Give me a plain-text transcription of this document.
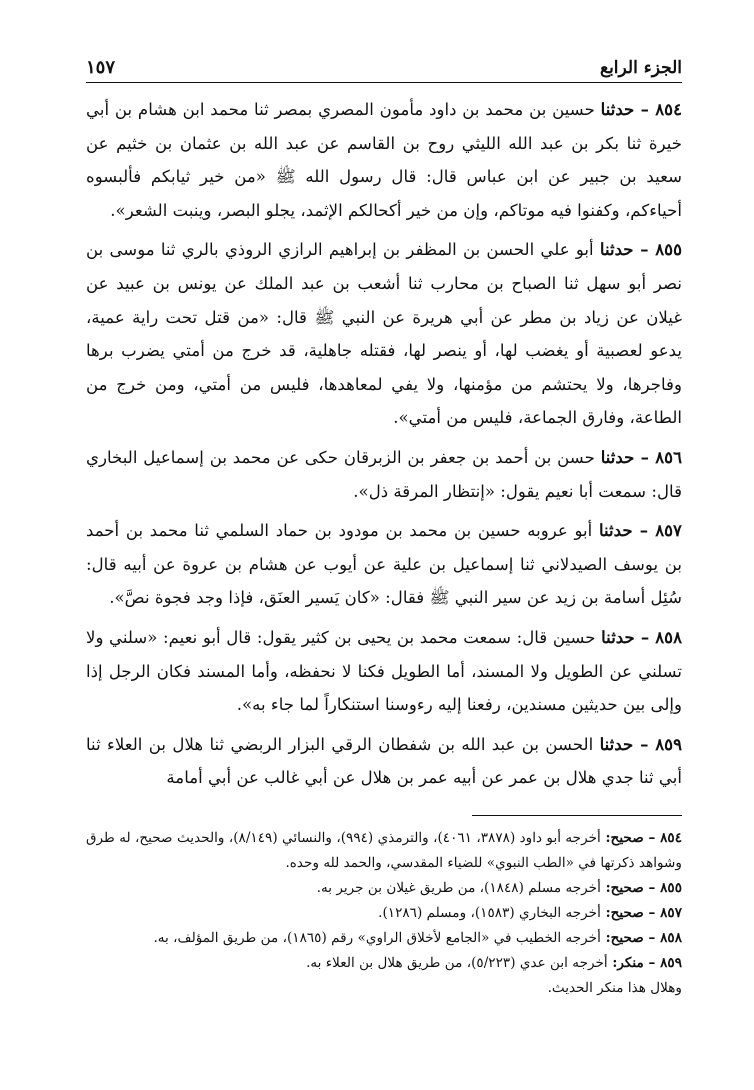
الجزء الرابع
١٥٧

٨٥٤ – حدثنا حسين بن محمد بن داود مأمون المصري بمصر ثنا محمد ابن هشام بن أبي خيرة ثنا بكر بن عبد الله الليثي روح بن القاسم عن عبد الله بن عثمان بن خثيم عن سعيد بن جبير عن ابن عباس قال: قال رسول الله ﷺ «من خير ثيابكم فألبسوه أحياءكم، وكفنوا فيه موتاكم، وإن من خير أكحالكم الإثمد، يجلو البصر، وينبت الشعر».

٨٥٥ – حدثنا أبو علي الحسن بن المظفر بن إبراهيم الرازي الروذي بالري ثنا موسى بن نصر أبو سهل ثنا الصباح بن محارب ثنا أشعب بن عبد الملك عن يونس بن عبيد عن غيلان عن زياد بن مطر عن أبي هريرة عن النبي ﷺ قال: «من قتل تحت راية عمية، يدعو لعصبية أو يغضب لها، أو ينصر لها، فقتله جاهلية، قد خرج من أمتي يضرب برها وفاجرها، ولا يحتشم من مؤمنها، ولا يفي لمعاهدها، فليس من أمتي، ومن خرج من الطاعة، وفارق الجماعة، فليس من أمتي».

٨٥٦ – حدثنا حسن بن أحمد بن جعفر بن الزبرقان حكى عن محمد بن إسماعيل البخاري قال: سمعت أبا نعيم يقول: «إنتظار المرقة ذل».

٨٥٧ – حدثنا أبو عروبه حسين بن محمد بن مودود بن حماد السلمي ثنا محمد بن أحمد بن يوسف الصيدلاني ثنا إسماعيل بن علية عن أيوب عن هشام بن عروة عن أبيه قال: سُئِل أسامة بن زيد عن سير النبي ﷺ فقال: «كان يَسير العنَق، فإذا وجد فجوة نصَّ».

٨٥٨ – حدثنا حسين قال: سمعت محمد بن يحيى بن كثير يقول: قال أبو نعيم: «سلني ولا تسلني عن الطويل ولا المسند، أما الطويل فكنا لا نحفظه، وأما المسند فكان الرجل إذا وإلى بين حديثين مسندين، رفعنا إليه رءوسنا استنكاراً لما جاء به».

٨٥٩ – حدثنا الحسن بن عبد الله بن شفطان الرقي البزار الربضي ثنا هلال بن العلاء ثنا أبي ثنا جدي هلال بن عمر عن أبيه عمر بن هلال عن أبي غالب عن أبي أمامة

٨٥٤ – صحيح: أخرجه أبو داود (٣٨٧٨، ٤٠٦١)، والترمذي (٩٩٤)، والنسائي (٨/١٤٩)، والحديث صحيح، له طرق وشواهد ذكرتها في «الطب النبوي» للضياء المقدسي، والحمد لله وحده.

٨٥٥ – صحيح: أخرجه مسلم (١٨٤٨)، من طريق غيلان بن جرير به.

٨٥٧ – صحيح: أخرجه البخاري (١٥٨٣)، ومسلم (١٢٨٦).

٨٥٨ – صحيح: أخرجه الخطيب في «الجامع لأخلاق الراوي» رقم (١٨٦٥)، من طريق المؤلف، به.

٨٥٩ – منكر: أخرجه ابن عدي (٥/٢٢٣)، من طريق هلال بن العلاء به.

وهلال هذا منكر الحديث.
